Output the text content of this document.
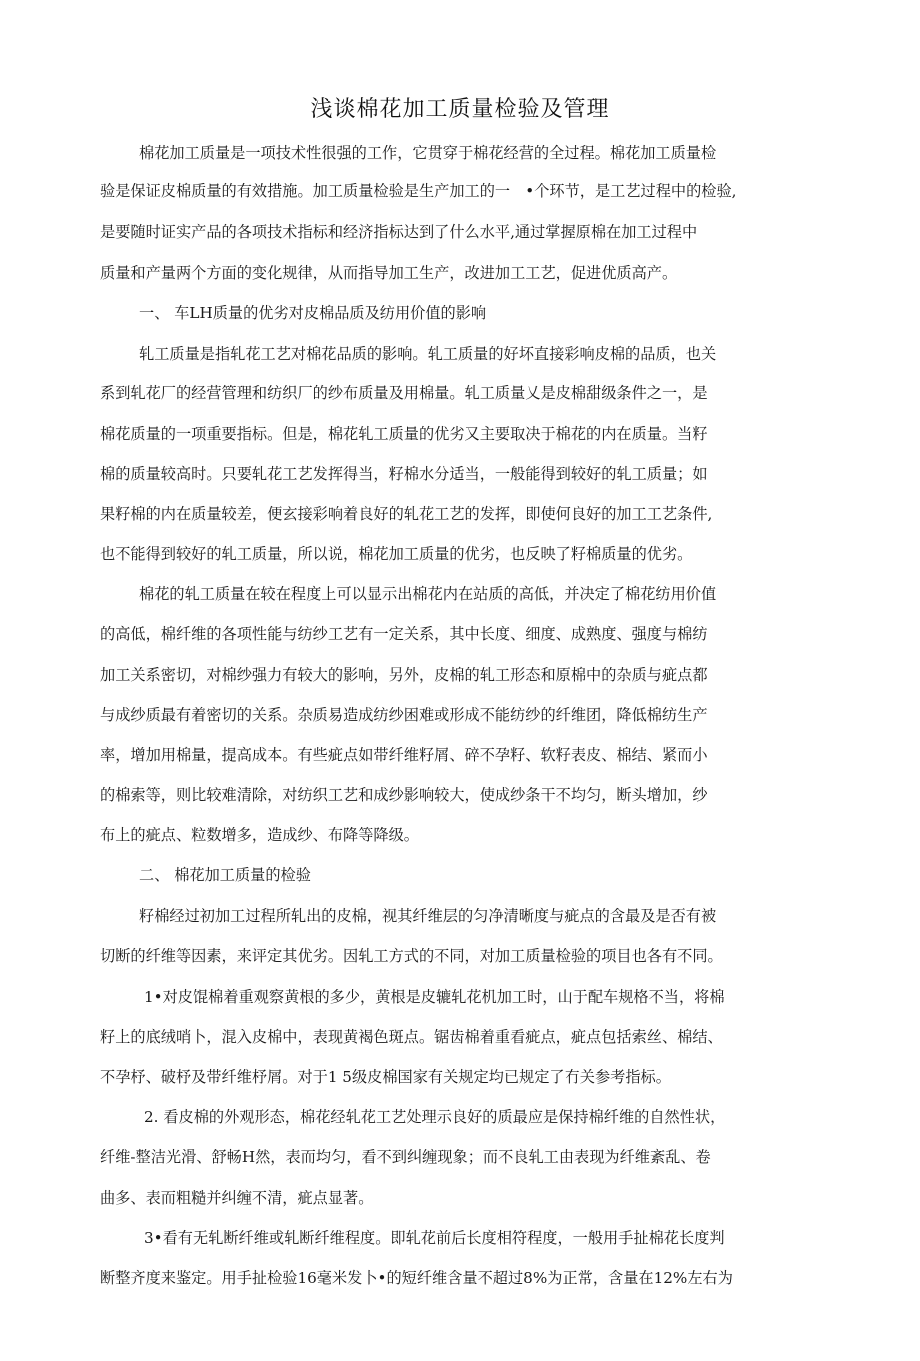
浅谈棉花加工质量检验及管理
棉花加工质量是一项技术性很强的工作，它贯穿于棉花经营的全过程。棉花加工质量检
验是保证皮棉质量的有效措施。加工质量检验是生产加工的一　•个环节，是工艺过程中的检验,
是要随时证实产品的各项技术指标和经济指标达到了什么水平,通过掌握原棉在加工过程中
质量和产量两个方面的变化规律，从而指导加工生产，改进加工工艺，促进优质高产。
一、 车LH质量的优劣对皮棉品质及纺用价值的影响
轧工质量是指轧花工艺对棉花品质的影响。轧工质量的好坏直接彩响皮棉的品质，也关
系到轧花厂的经营管理和纺织厂的纱布质量及用棉量。轧工质量乂是皮棉甜级条件之一，是
棉花质量的一项重要指标。但是，棉花轧工质量的优劣又主要取决于棉花的内在质量。当籽
棉的质量较高时。只要轧花工艺发挥得当，籽棉水分适当，一般能得到较好的轧工质量；如
果籽棉的内在质量较差，便玄接彩响着良好的轧花工艺的发挥，即使何良好的加工工艺条件,
也不能得到较好的轧工质量，所以说，棉花加工质量的优劣，也反映了籽棉质量的优劣。
棉花的轧工质量在较在程度上可以显示出棉花内在站质的高低，并决定了棉花纺用价值
的高低，棉纤维的各项性能与纺纱工艺有一定关系，其中长度、细度、成熟度、强度与棉纺
加工关系密切，对棉纱强力有较大的影响，另外，皮棉的轧工形态和原棉中的杂质与疵点都
与成纱质最有着密切的关系。杂质易造成纺纱困难或形成不能纺纱的纤维团，降低棉纺生产
率，增加用棉量，提高成本。有些疵点如带纤维籽屑、碎不孕籽、软籽表皮、棉结、紧而小
的棉索等，则比较难清除，对纺织工艺和成纱影响较大，使成纱条干不均匀，断头增加，纱
布上的疵点、粒数增多，造成纱、布降等降级。
二、 棉花加工质量的检验
籽棉经过初加工过程所轧出的皮棉，视其纤维层的匀净清晰度与疵点的含最及是否有被
切断的纤维等因素，来评定其优劣。因轧工方式的不同，对加工质量检验的项目也各有不同。
1•对皮馄棉着重观察黄根的多少，黄根是皮辘轧花机加工时，山于配车规格不当，将棉
籽上的底绒哨卜，混入皮棉中，表现黄褐色斑点。锯齿棉着重看疵点，疵点包括索丝、棉结、
不孕杼、破杼及带纤维杼屑。对于1 5级皮棉国家有关规定均已规定了冇关参考指标。
2. 看皮棉的外观形态，棉花经轧花工艺处理示良好的质最应是保持棉纤维的自然性状，
纤维-整洁光滑、舒畅H然，表而均匀，看不到纠缠现象；而不良轧工由表现为纤维紊乱、卷
曲多、表而粗糙并纠缠不清，疵点显著。
3•看有无轧断纤维或轧断纤维程度。即轧花前后长度相符程度，一般用手扯棉花长度判
断整齐度来鉴定。用手扯检验16毫米发卜•的短纤维含量不超过8%为正常，含量在12%左右为
